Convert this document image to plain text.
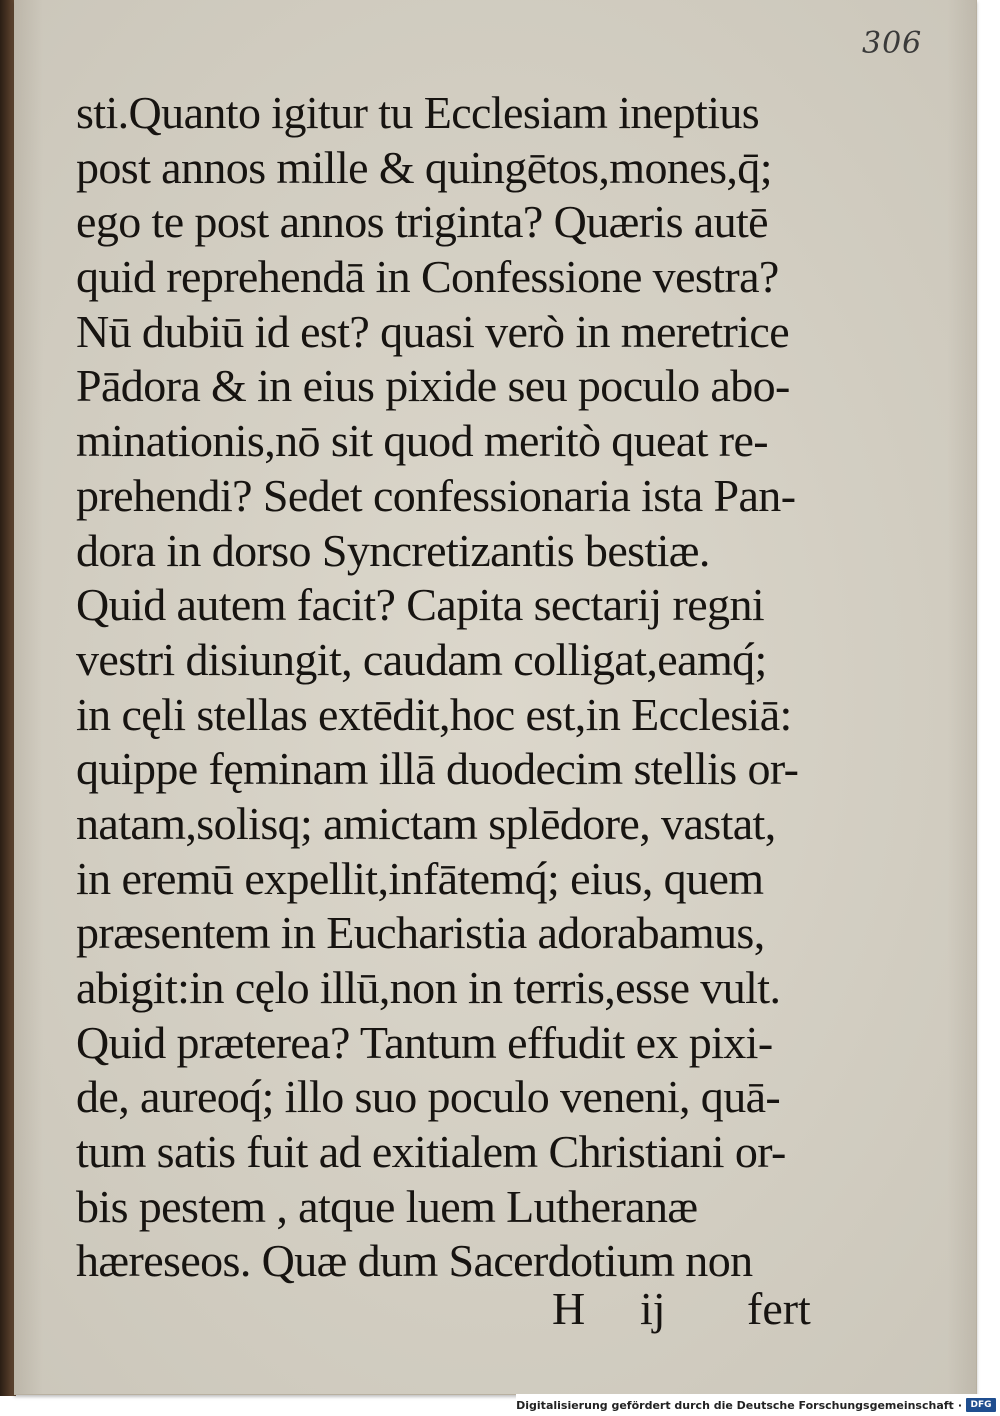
306
sti.Quanto igitur tu Ecclesiam ineptius
post annos mille & quingētos,mones,q̄;
ego te post annos triginta? Quæris autē
quid reprehendā in Confessione vestra?
Nū dubiū id est? quasi verò in meretrice
Pādora & in eius pixide seu poculo abo-
minationis,nō sit quod meritò queat re-
prehendi? Sedet confessionaria ista Pan-
dora in dorso Syncretizantis bestiæ.
Quid autem facit? Capita sectarij regni
vestri disiungit, caudam colligat,eamq́;
in cęli stellas extēdit,hoc est,in Ecclesiā:
quippe fęminam illā duodecim stellis or-
natam,solisq; amictam splēdore, vastat,
in eremū expellit,infātemq́; eius, quem
præsentem in Eucharistia adorabamus,
abigit:in cęlo illū,non in terris,esse vult.
Quid præterea? Tantum effudit ex pixi-
de, aureoq́; illo suo poculo veneni, quā-
tum satis fuit ad exitialem Christiani or-
bis pestem , atque luem Lutheranæ
hæreseos. Quæ dum Sacerdotium non
H ij fert
Digitalisierung gefördert durch die Deutsche Forschungsgemeinschaft · DFG
